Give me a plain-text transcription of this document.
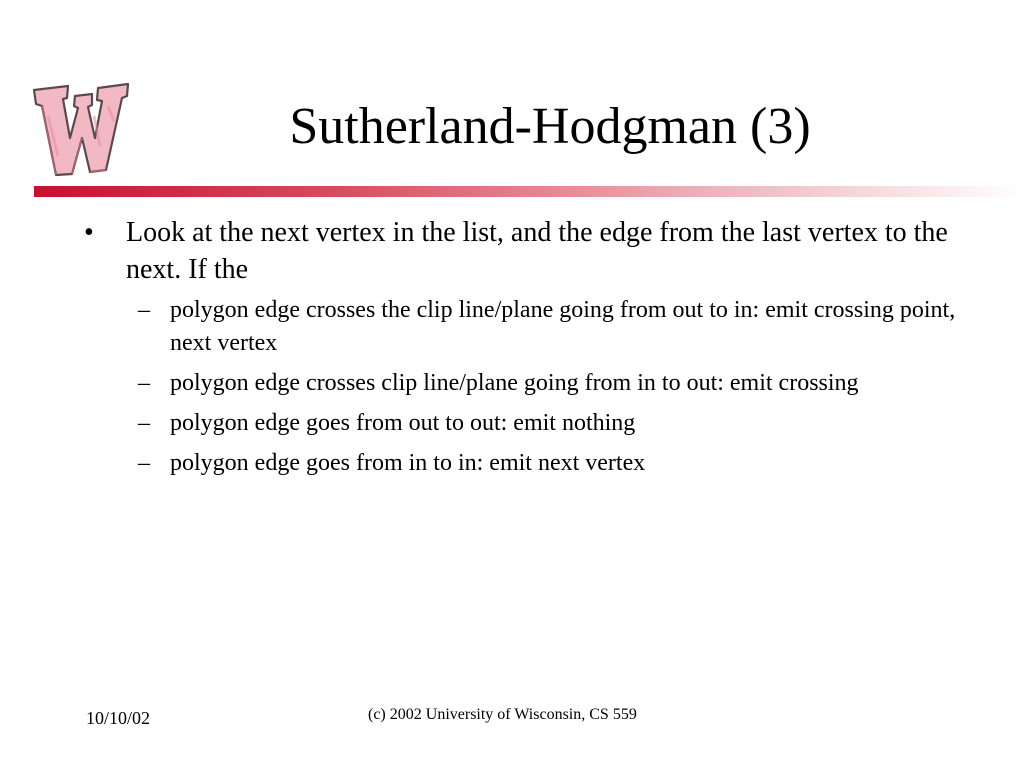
Sutherland-Hodgman (3)
• Look at the next vertex in the list, and the edge from the last vertex to the next. If the
– polygon edge crosses the clip line/plane going from out to in: emit crossing point, next vertex
– polygon edge crosses clip line/plane going from in to out: emit crossing
– polygon edge goes from out to out: emit nothing
– polygon edge goes from in to in: emit next vertex
10/10/02	(c) 2002 University of Wisconsin, CS 559
